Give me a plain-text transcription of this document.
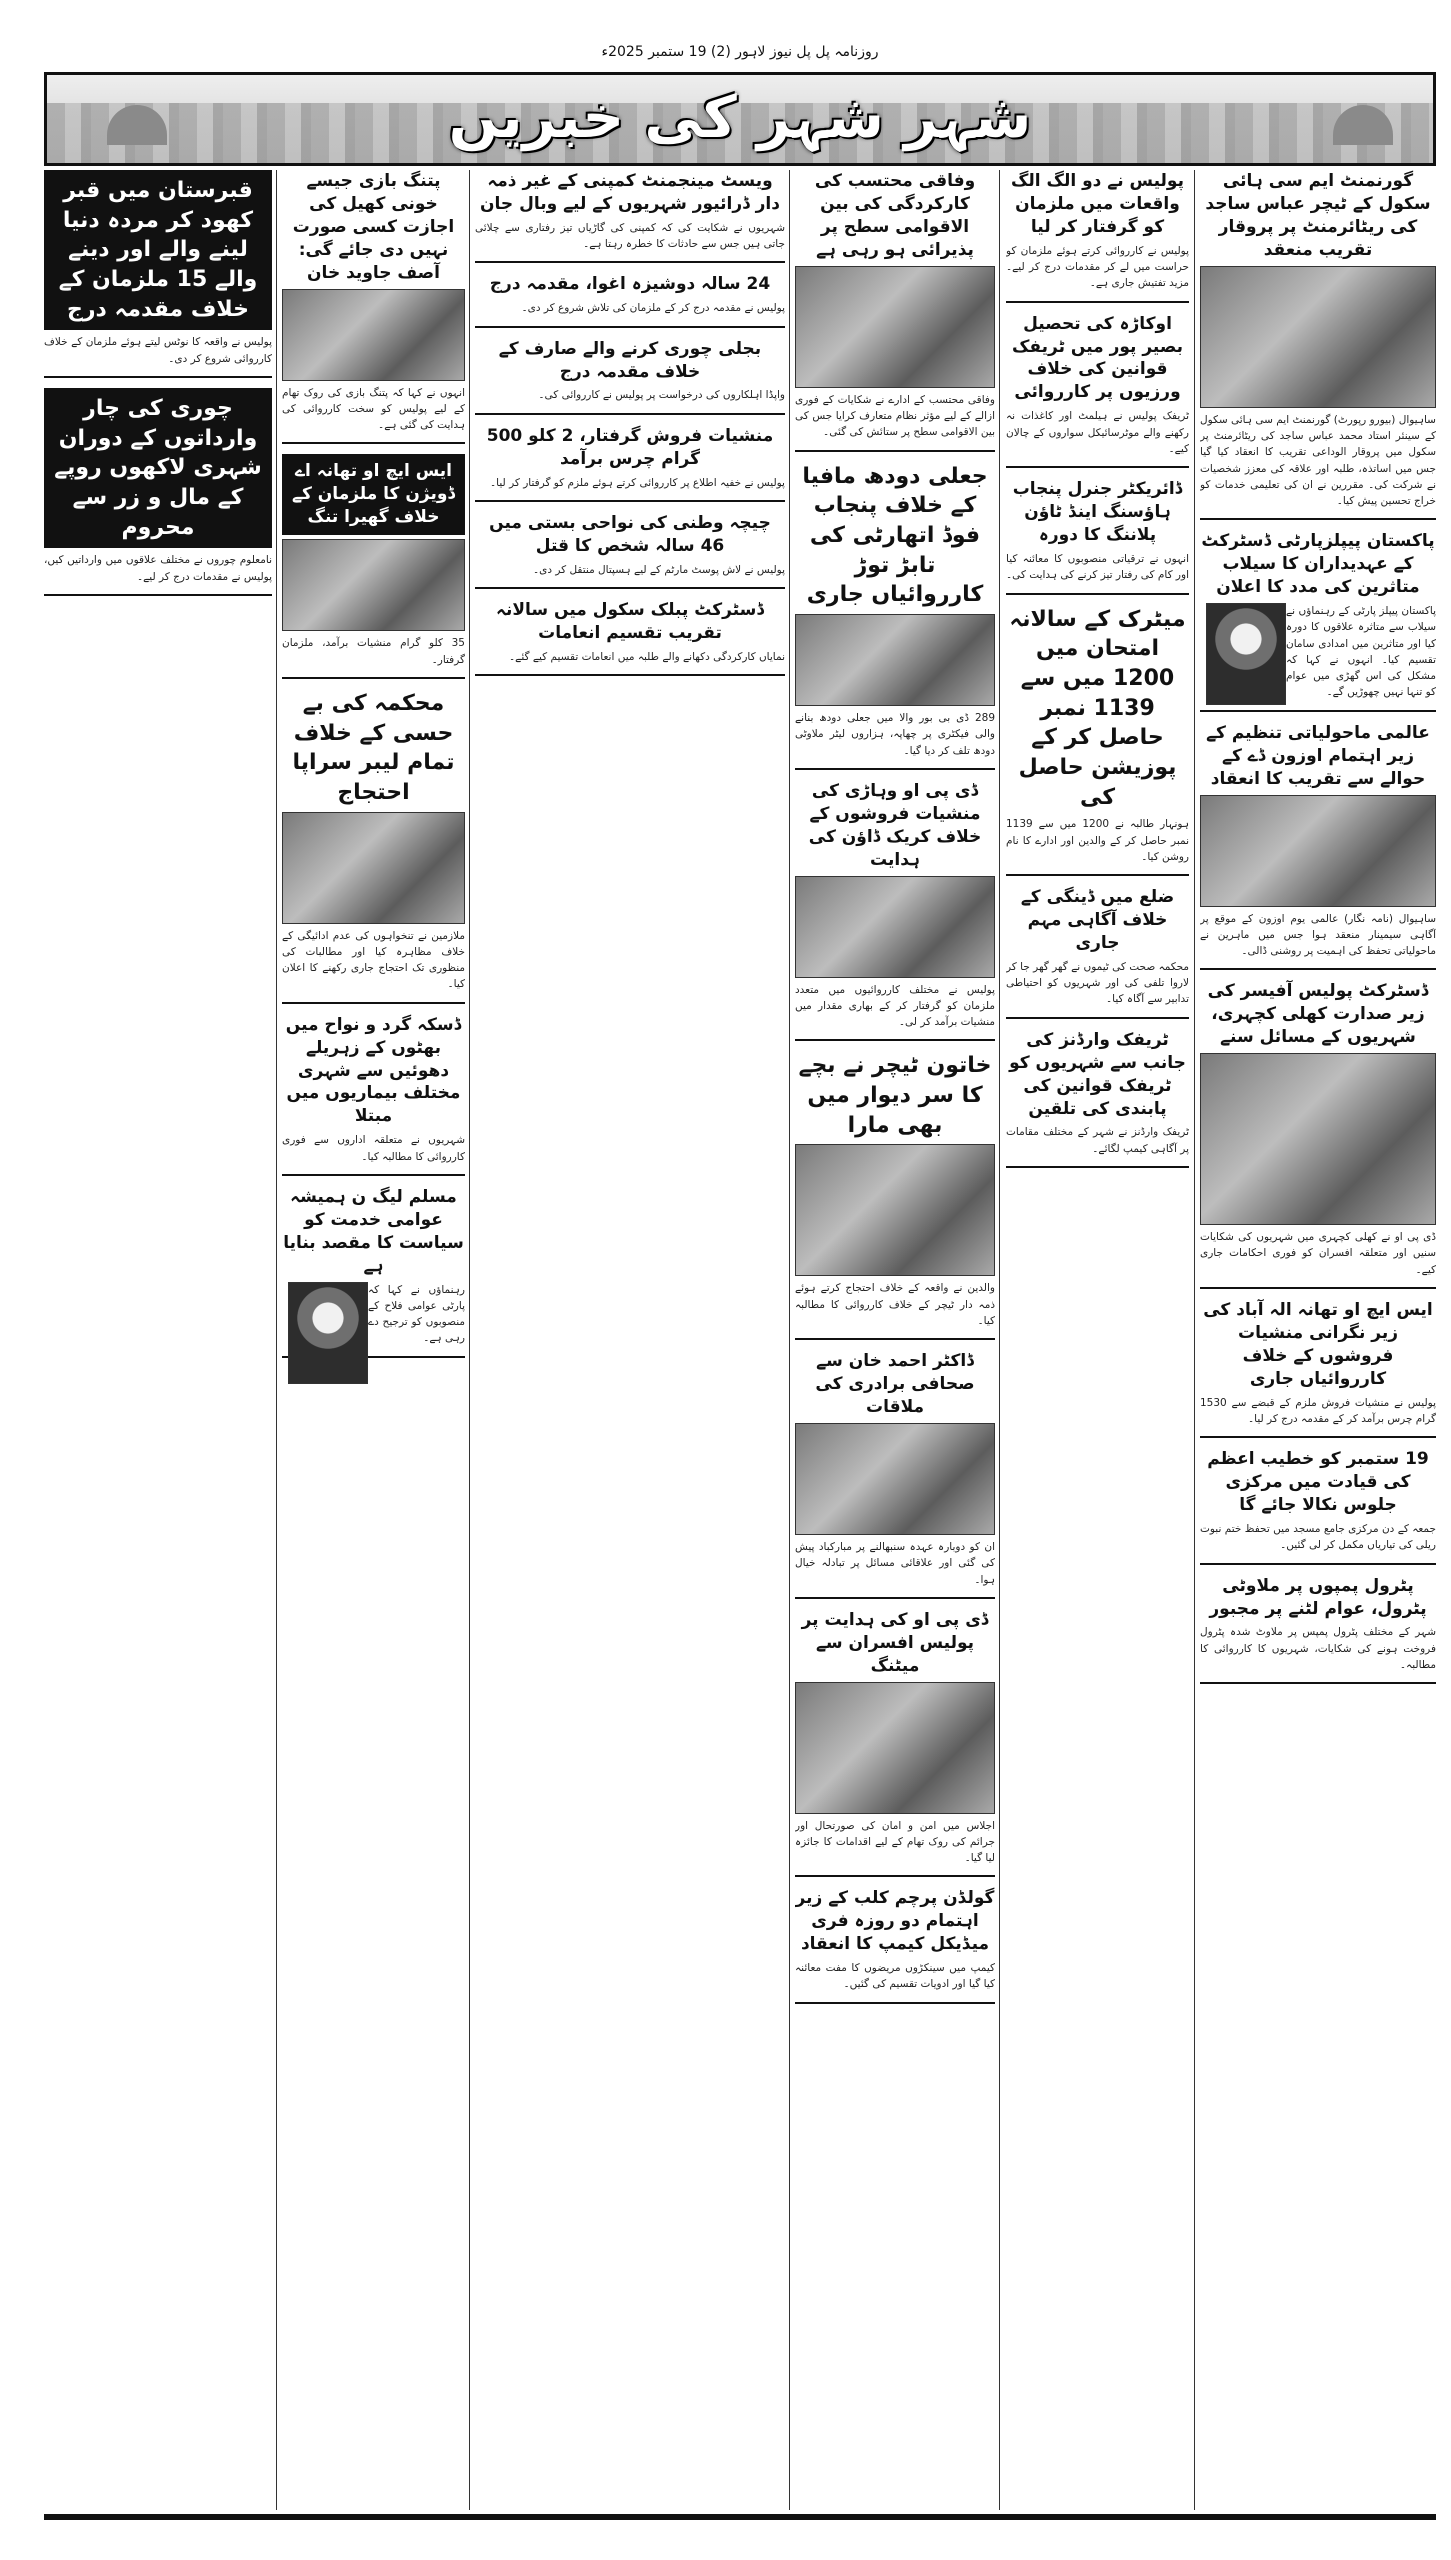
روزنامہ پل پل نیوز لاہور (2) 19 ستمبر 2025ء
شہر شہر کی خبریں
گورنمنٹ ایم سی ہائی سکول کے ٹیچر عباس ساجد کی ریٹائرمنٹ پر پروقار تقریب منعقد

ساہیوال (بیورو رپورٹ) گورنمنٹ ایم سی ہائی سکول کے سینئر استاد محمد عباس ساجد کی ریٹائرمنٹ پر سکول میں پروقار الوداعی تقریب کا انعقاد کیا گیا جس میں اساتذہ، طلبہ اور علاقہ کی معزز شخصیات نے شرکت کی۔ مقررین نے ان کی تعلیمی خدمات کو خراج تحسین پیش کیا۔

پاکستان پیپلزپارٹی ڈسٹرکٹ کے عہدیداران کا سیلاب متاثرین کی مدد کا اعلان

پاکستان پیپلز پارٹی کے رہنماؤں نے سیلاب سے متاثرہ علاقوں کا دورہ کیا اور متاثرین میں امدادی سامان تقسیم کیا۔ انہوں نے کہا کہ مشکل کی اس گھڑی میں عوام کو تنہا نہیں چھوڑیں گے۔

عالمی ماحولیاتی تنظیم کے زیر اہتمام اوزون ڈے کے حوالے سے تقریب کا انعقاد

ساہیوال (نامہ نگار) عالمی یوم اوزون کے موقع پر آگاہی سیمینار منعقد ہوا جس میں ماہرین نے ماحولیاتی تحفظ کی اہمیت پر روشنی ڈالی۔

ڈسٹرکٹ پولیس آفیسر کی زیر صدارت کھلی کچہری، شہریوں کے مسائل سنے

ڈی پی او نے کھلی کچہری میں شہریوں کی شکایات سنیں اور متعلقہ افسران کو فوری احکامات جاری کیے۔

ایس ایچ او تھانہ الہ آباد کی زیر نگرانی منشیات فروشوں کے خلاف کارروائیاں جاری

پولیس نے منشیات فروش ملزم کے قبضے سے 1530 گرام چرس برآمد کر کے مقدمہ درج کر لیا۔

19 ستمبر کو خطیب اعظم کی قیادت میں مرکزی جلوس نکالا جائے گا

جمعہ کے دن مرکزی جامع مسجد میں تحفظ ختم نبوت ریلی کی تیاریاں مکمل کر لی گئیں۔

پٹرول پمپوں پر ملاوٹی پٹرول، عوام لٹنے پر مجبور

شہر کے مختلف پٹرول پمپس پر ملاوٹ شدہ پٹرول فروخت ہونے کی شکایات، شہریوں کا کارروائی کا مطالبہ۔

پولیس نے دو الگ الگ واقعات میں ملزمان کو گرفتار کر لیا

پولیس نے کارروائی کرتے ہوئے ملزمان کو حراست میں لے کر مقدمات درج کر لیے۔ مزید تفتیش جاری ہے۔

اوکاڑہ کی تحصیل بصیر پور میں ٹریفک قوانین کی خلاف ورزیوں پر کارروائی

ٹریفک پولیس نے ہیلمٹ اور کاغذات نہ رکھنے والے موٹرسائیکل سواروں کے چالان کیے۔

ڈائریکٹر جنرل پنجاب ہاؤسنگ اینڈ ٹاؤن پلاننگ کا دورہ

انہوں نے ترقیاتی منصوبوں کا معائنہ کیا اور کام کی رفتار تیز کرنے کی ہدایت کی۔

میٹرک کے سالانہ امتحان میں 1200 میں سے 1139 نمبر حاصل کر کے پوزیشن حاصل کی

ہونہار طالبہ نے 1200 میں سے 1139 نمبر حاصل کر کے والدین اور ادارے کا نام روشن کیا۔

ضلع میں ڈینگی کے خلاف آگاہی مہم جاری

محکمہ صحت کی ٹیموں نے گھر گھر جا کر لاروا تلفی کی اور شہریوں کو احتیاطی تدابیر سے آگاہ کیا۔

ٹریفک وارڈنز کی جانب سے شہریوں کو ٹریفک قوانین کی پابندی کی تلقین

ٹریفک وارڈنز نے شہر کے مختلف مقامات پر آگاہی کیمپ لگائے۔

وفاقی محتسب کی کارکردگی کی بین الاقوامی سطح پر پذیرائی ہو رہی ہے

وفاقی محتسب کے ادارے نے شکایات کے فوری ازالے کے لیے مؤثر نظام متعارف کرایا جس کی بین الاقوامی سطح پر ستائش کی گئی۔

جعلی دودھ مافیا کے خلاف پنجاب فوڈ اتھارٹی کی تابڑ توڑ کارروائیاں جاری

289 ڈی بی بور والا میں جعلی دودھ بنانے والی فیکٹری پر چھاپہ، ہزاروں لیٹر ملاوٹی دودھ تلف کر دیا گیا۔

ڈی پی او وہاڑی کی منشیات فروشوں کے خلاف کریک ڈاؤن کی ہدایت

پولیس نے مختلف کارروائیوں میں متعدد ملزمان کو گرفتار کر کے بھاری مقدار میں منشیات برآمد کر لی۔

خاتون ٹیچر نے بچے کا سر دیوار میں بھی مارا

والدین نے واقعہ کے خلاف احتجاج کرتے ہوئے ذمہ دار ٹیچر کے خلاف کارروائی کا مطالبہ کیا۔

ڈاکٹر احمد خان سے صحافی برادری کی ملاقات

ان کو دوبارہ عہدہ سنبھالنے پر مبارکباد پیش کی گئی اور علاقائی مسائل پر تبادلہ خیال ہوا۔

ڈی پی او کی ہدایت پر پولیس افسران سے میٹنگ

اجلاس میں امن و امان کی صورتحال اور جرائم کی روک تھام کے لیے اقدامات کا جائزہ لیا گیا۔

گولڈن پرچم کلب کے زیر اہتمام دو روزہ فری میڈیکل کیمپ کا انعقاد

کیمپ میں سینکڑوں مریضوں کا مفت معائنہ کیا گیا اور ادویات تقسیم کی گئیں۔

ویسٹ مینجمنٹ کمپنی کے غیر ذمہ دار ڈرائیور شہریوں کے لیے وبال جان

شہریوں نے شکایت کی کہ کمپنی کی گاڑیاں تیز رفتاری سے چلائی جاتی ہیں جس سے حادثات کا خطرہ رہتا ہے۔

24 سالہ دوشیزہ اغوا، مقدمہ درج

پولیس نے مقدمہ درج کر کے ملزمان کی تلاش شروع کر دی۔

بجلی چوری کرنے والے صارف کے خلاف مقدمہ درج

واپڈا اہلکاروں کی درخواست پر پولیس نے کارروائی کی۔

منشیات فروش گرفتار، 2 کلو 500 گرام چرس برآمد

پولیس نے خفیہ اطلاع پر کارروائی کرتے ہوئے ملزم کو گرفتار کر لیا۔

چیچہ وطنی کی نواحی بستی میں 46 سالہ شخص کا قتل

پولیس نے لاش پوسٹ مارٹم کے لیے ہسپتال منتقل کر دی۔

ڈسٹرکٹ پبلک سکول میں سالانہ تقریب تقسیم انعامات

نمایاں کارکردگی دکھانے والے طلبہ میں انعامات تقسیم کیے گئے۔

پتنگ بازی جیسے خونی کھیل کی اجازت کسی صورت نہیں دی جائے گی: آصف جاوید خان

انہوں نے کہا کہ پتنگ بازی کی روک تھام کے لیے پولیس کو سخت کارروائی کی ہدایت کی گئی ہے۔

ایس ایچ او تھانہ اے ڈویژن کا ملزمان کے خلاف گھیرا تنگ

35 کلو گرام منشیات برآمد، ملزمان گرفتار۔

محکمہ کی بے حسی کے خلاف تمام لیبر سراپا احتجاج

ملازمین نے تنخواہوں کی عدم ادائیگی کے خلاف مظاہرہ کیا اور مطالبات کی منظوری تک احتجاج جاری رکھنے کا اعلان کیا۔

ڈسکہ گرد و نواح میں بھٹوں کے زہریلے دھوئیں سے شہری مختلف بیماریوں میں مبتلا

شہریوں نے متعلقہ اداروں سے فوری کارروائی کا مطالبہ کیا۔

مسلم لیگ ن ہمیشہ عوامی خدمت کو سیاست کا مقصد بنایا ہے

رہنماؤں نے کہا کہ پارٹی عوامی فلاح کے منصوبوں کو ترجیح دے رہی ہے۔

قبرستان میں قبر کھود کر مردہ دنیا لینے والے اور دینے والے 15 ملزمان کے خلاف مقدمہ درج

پولیس نے واقعہ کا نوٹس لیتے ہوئے ملزمان کے خلاف کارروائی شروع کر دی۔

چوری کی چار وارداتوں کے دوران شہری لاکھوں روپے کے مال و زر سے محروم

نامعلوم چوروں نے مختلف علاقوں میں وارداتیں کیں، پولیس نے مقدمات درج کر لیے۔
